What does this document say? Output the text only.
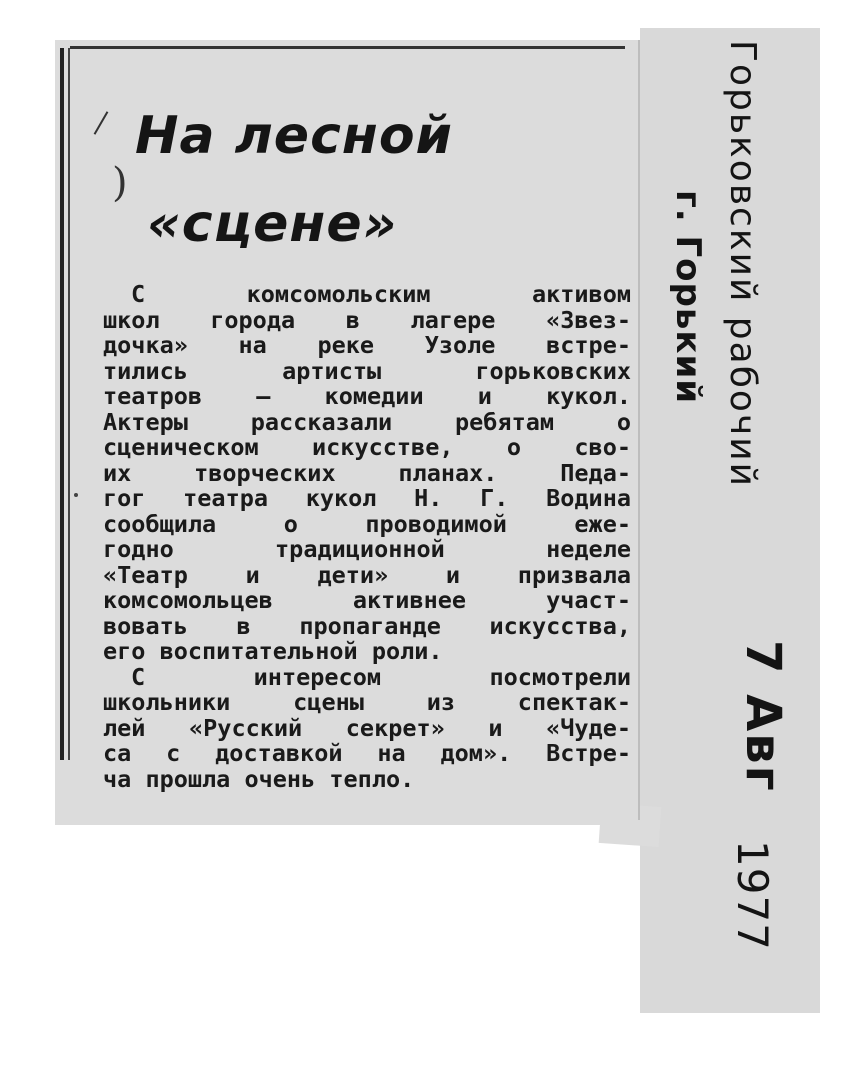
)
На лесной
«сцене»
С комсомольским активом
школ города в лагере «Звез-
дочка» на реке Узоле встре-
тились артисты горьковских
театров — комедии и кукол.
Актеры рассказали ребятам о
сценическом искусстве, о сво-
их творческих планах. Педа-
гог театра кукол Н. Г. Водина
сообщила о проводимой еже-
годно традиционной неделе
«Театр и дети» и призвала
комсомольцев активнее участ-
вовать в пропаганде искусства,
его воспитательной роли.
С интересом посмотрели
школьники сцены из спектак-
лей «Русский секрет» и «Чуде-
са с доставкой на дом». Встре-
ча прошла очень тепло.
Горьковский рабочий
г. Горький
7 Авг
1977
